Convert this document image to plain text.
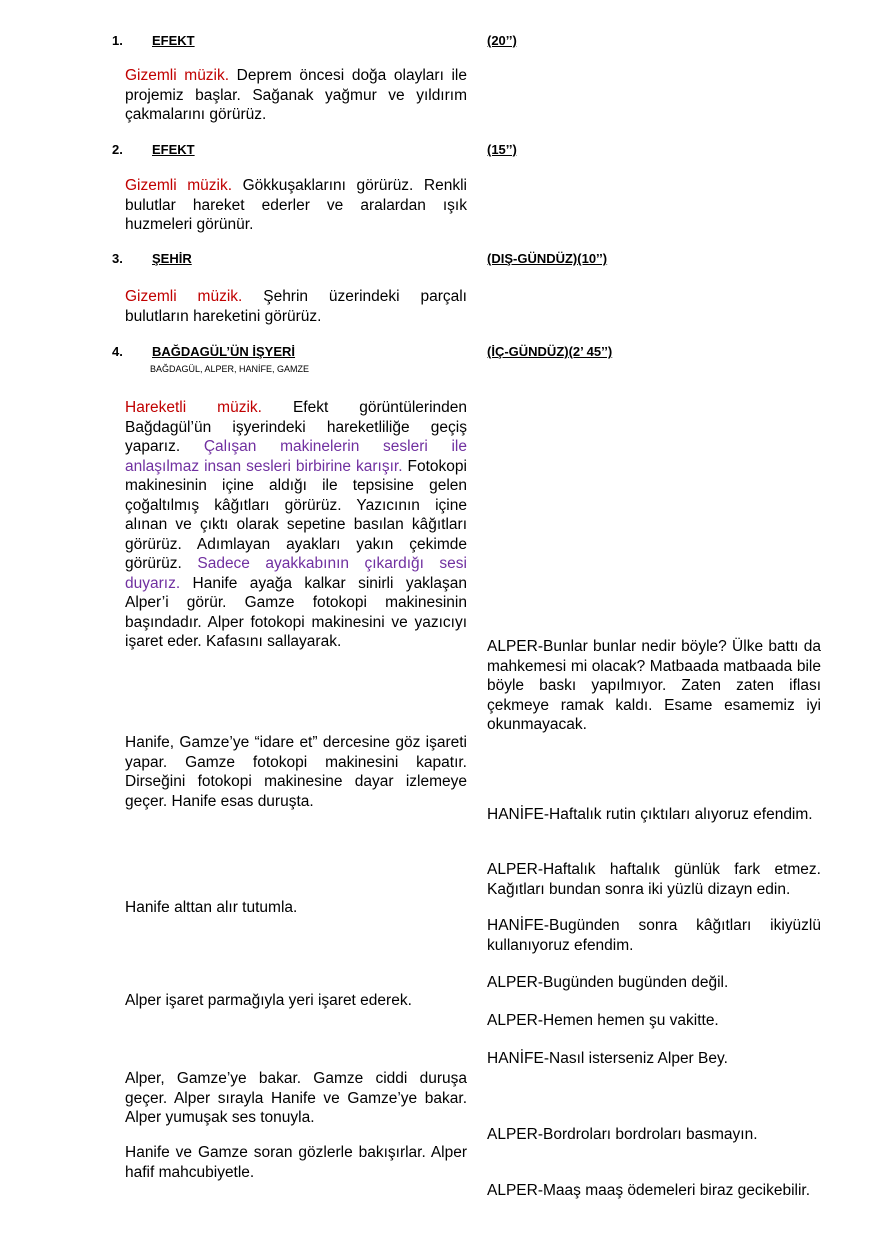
1. EFEKT	(20’’)
Gizemli müzik. Deprem öncesi doğa olayları ile projemiz başlar. Sağanak yağmur ve yıldırım çakmalarını görürüz.
2. EFEKT	(15’’)
Gizemli müzik. Gökkuşaklarını görürüz. Renkli bulutlar hareket ederler ve aralardan ışık huzmeleri görünür.
3. ŞEHİR	(DIŞ-GÜNDÜZ)(10’’)
Gizemli müzik. Şehrin üzerindeki parçalı bulutların hareketini görürüz.
4. BAĞDAGÜL’ÜN İŞYERİ	(İÇ-GÜNDÜZ)(2’ 45’’)
BAĞDAGÜL, ALPER, HANİFE, GAMZE
Hareketli müzik. Efekt görüntülerinden Bağdagül’ün işyerindeki hareketliliğe geçiş yaparız. Çalışan makinelerin sesleri ile anlaşılmaz insan sesleri birbirine karışır. Fotokopi makinesinin içine aldığı ile tepsisine gelen çoğaltılmış kâğıtları görürüz. Yazıcının içine alınan ve çıktı olarak sepetine basılan kâğıtları görürüz. Adımlayan ayakları yakın çekimde görürüz. Sadece ayakkabının çıkardığı sesi duyarız. Hanife ayağa kalkar sinirli yaklaşan Alper’i görür. Gamze fotokopi makinesinin başındadır. Alper fotokopi makinesini ve yazıcıyı işaret eder. Kafasını sallayarak.
Hanife, Gamze’ye “idare et” dercesine göz işareti yapar. Gamze fotokopi makinesini kapatır. Dirseğini fotokopi makinesine dayar izlemeye geçer. Hanife esas duruşta.
Hanife alttan alır tutumla.
Alper işaret parmağıyla yeri işaret ederek.
Alper, Gamze’ye bakar. Gamze ciddi duruşa geçer. Alper sırayla Hanife ve Gamze’ye bakar. Alper yumuşak ses tonuyla.
Hanife ve Gamze soran gözlerle bakışırlar. Alper hafif mahcubiyetle.
ALPER-Bunlar bunlar nedir böyle? Ülke battı da mahkemesi mi olacak? Matbaada matbaada bile böyle baskı yapılmıyor. Zaten zaten iflası çekmeye ramak kaldı. Esame esamemiz iyi okunmayacak.
HANİFE-Haftalık rutin çıktıları alıyoruz efendim.
ALPER-Haftalık haftalık günlük fark etmez. Kağıtları bundan sonra iki yüzlü dizayn edin.
HANİFE-Bugünden sonra kâğıtları ikiyüzlü kullanıyoruz efendim.
ALPER-Bugünden bugünden değil.
ALPER-Hemen hemen şu vakitte.
HANİFE-Nasıl isterseniz Alper Bey.
ALPER-Bordroları bordroları basmayın.
ALPER-Maaş maaş ödemeleri biraz gecikebilir.
